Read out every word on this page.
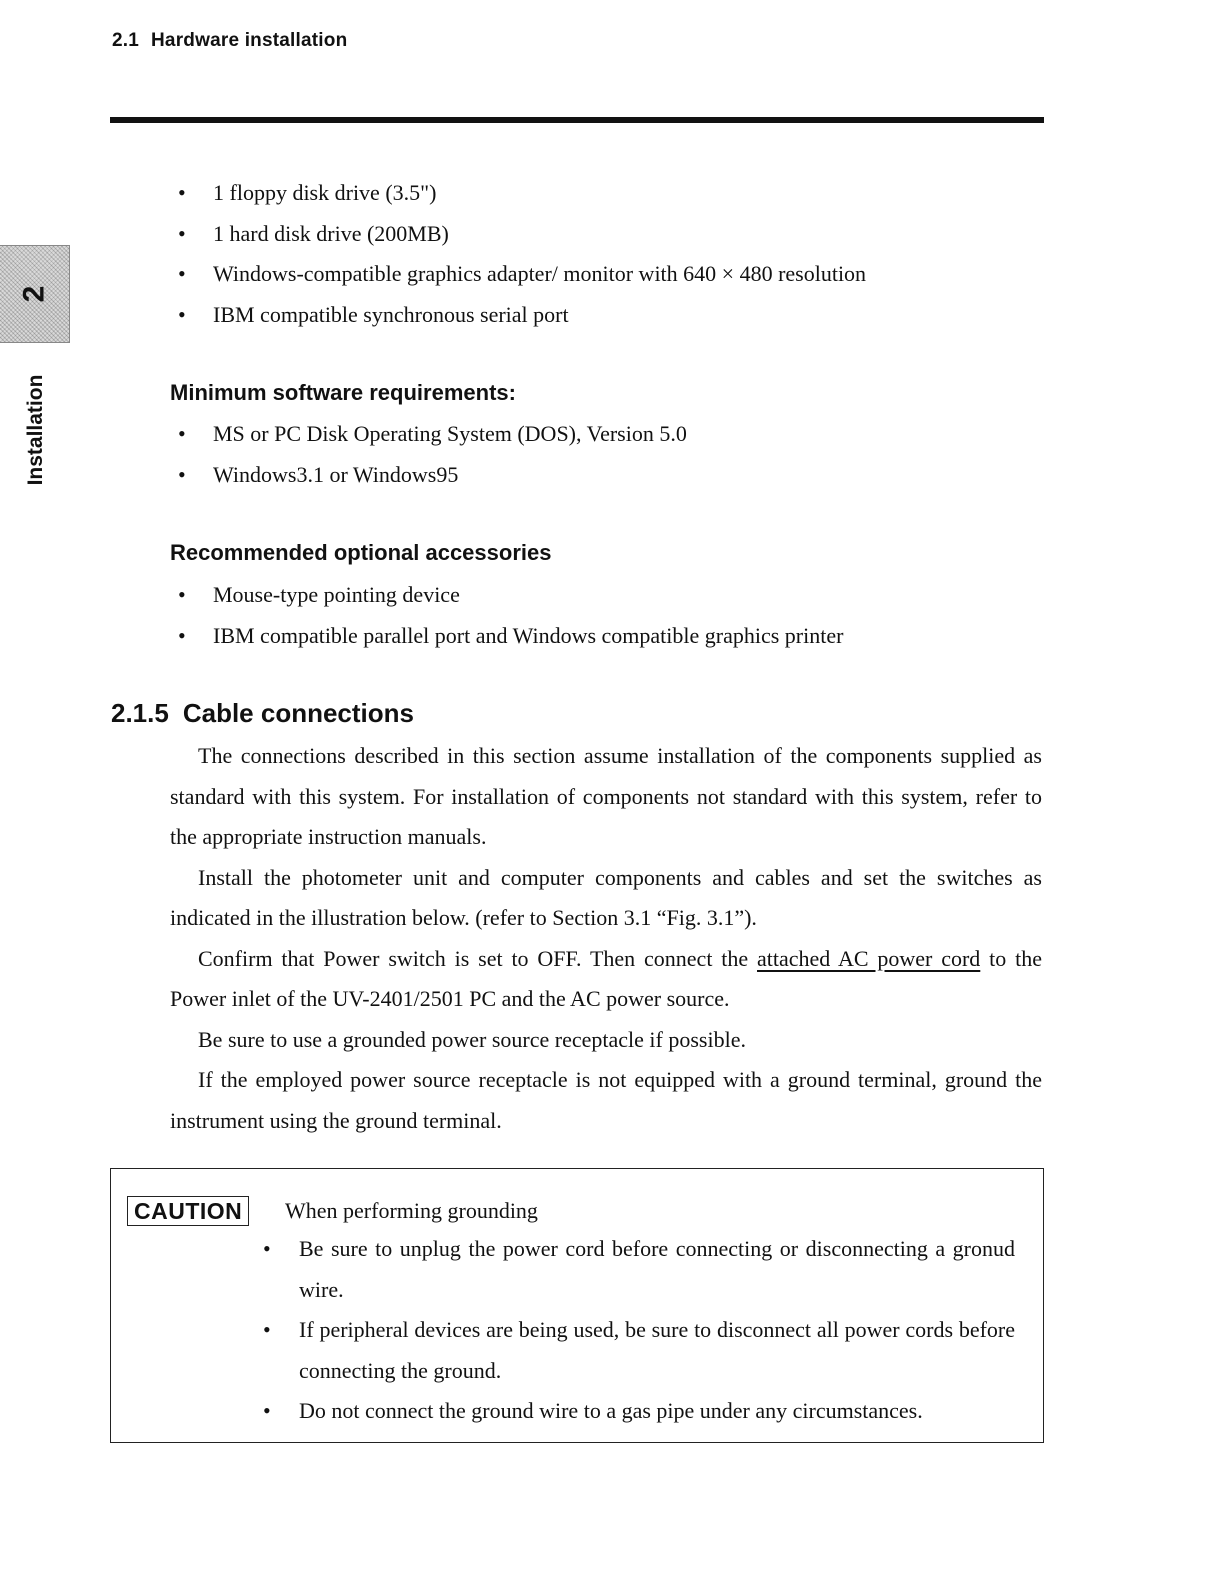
2.1 Hardware installation
2
Installation
• 1 floppy disk drive (3.5")
• 1 hard disk drive (200MB)
• Windows-compatible graphics adapter/ monitor with 640 × 480 resolution
• IBM compatible synchronous serial port
Minimum software requirements:
• MS or PC Disk Operating System (DOS), Version 5.0
• Windows3.1 or Windows95
Recommended optional accessories
• Mouse-type pointing device
• IBM compatible parallel port and Windows compatible graphics printer
2.1.5 Cable connections

The connections described in this section assume installation of the components supplied as standard with this system. For installation of components not standard with this system, refer to the appropriate instruction manuals.

Install the photometer unit and computer components and cables and set the switches as indicated in the illustration below. (refer to Section 3.1 “Fig. 3.1”).

Confirm that Power switch is set to OFF. Then connect the attached AC power cord to the Power inlet of the UV-2401/2501 PC and the AC power source.

Be sure to use a grounded power source receptacle if possible.

If the employed power source receptacle is not equipped with a ground terminal, ground the instrument using the ground terminal.

CAUTION	When performing grounding
• Be sure to unplug the power cord before connecting or disconnecting a gronud wire.
• If peripheral devices are being used, be sure to disconnect all power cords before connecting the ground.
• Do not connect the ground wire to a gas pipe under any circumstances.
